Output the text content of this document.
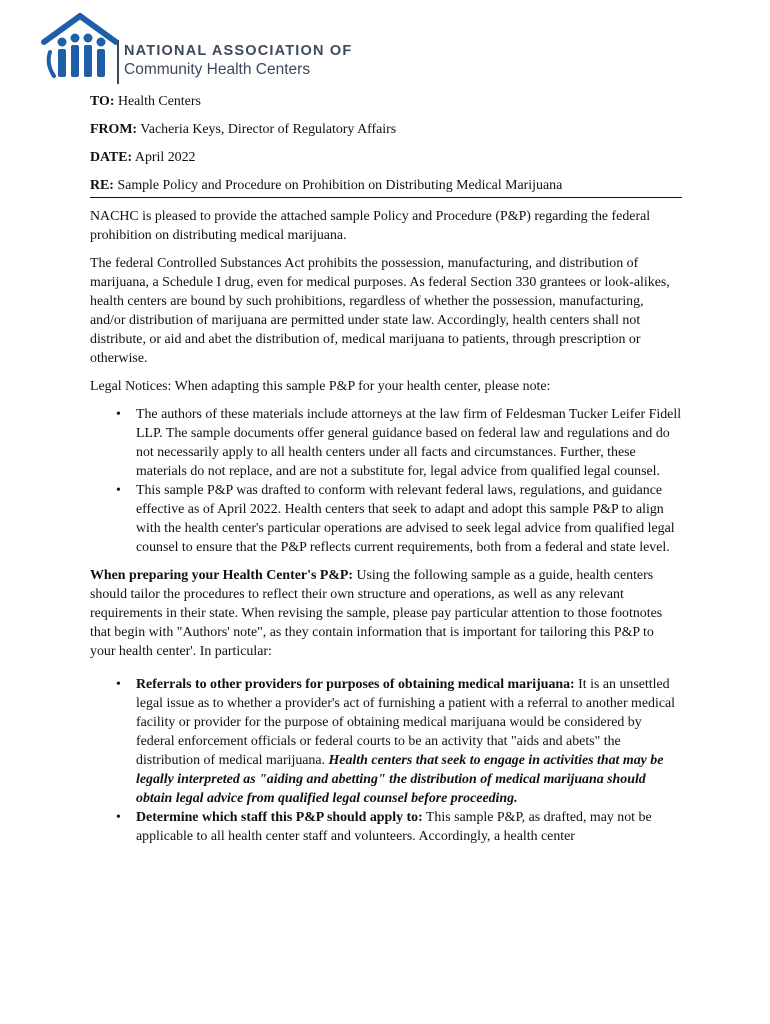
NATIONAL ASSOCIATION OF
Community Health Centers
TO: Health Centers
FROM: Vacheria Keys, Director of Regulatory Affairs
DATE: April 2022
RE: Sample Policy and Procedure on Prohibition on Distributing Medical Marijuana

NACHC is pleased to provide the attached sample Policy and Procedure (P&P) regarding the federal prohibition on distributing medical marijuana.

The federal Controlled Substances Act prohibits the possession, manufacturing, and distribution of marijuana, a Schedule I drug, even for medical purposes. As federal Section 330 grantees or look-alikes, health centers are bound by such prohibitions, regardless of whether the possession, manufacturing, and/or distribution of marijuana are permitted under state law. Accordingly, health centers shall not distribute, or aid and abet the distribution of, medical marijuana to patients, through prescription or otherwise.

Legal Notices: When adapting this sample P&P for your health center, please note:

• The authors of these materials include attorneys at the law firm of Feldesman Tucker Leifer Fidell LLP. The sample documents offer general guidance based on federal law and regulations and do not necessarily apply to all health centers under all facts and circumstances. Further, these materials do not replace, and are not a substitute for, legal advice from qualified legal counsel.
• This sample P&P was drafted to conform with relevant federal laws, regulations, and guidance effective as of April 2022. Health centers that seek to adapt and adopt this sample P&P to align with the health center's particular operations are advised to seek legal advice from qualified legal counsel to ensure that the P&P reflects current requirements, both from a federal and state level.

When preparing your Health Center's P&P: Using the following sample as a guide, health centers should tailor the procedures to reflect their own structure and operations, as well as any relevant requirements in their state. When revising the sample, please pay particular attention to those footnotes that begin with "Authors' note", as they contain information that is important for tailoring this P&P to your health center'. In particular:

• Referrals to other providers for purposes of obtaining medical marijuana: It is an unsettled legal issue as to whether a provider's act of furnishing a patient with a referral to another medical facility or provider for the purpose of obtaining medical marijuana would be considered by federal enforcement officials or federal courts to be an activity that "aids and abets" the distribution of medical marijuana. Health centers that seek to engage in activities that may be legally interpreted as "aiding and abetting" the distribution of medical marijuana should obtain legal advice from qualified legal counsel before proceeding.
• Determine which staff this P&P should apply to: This sample P&P, as drafted, may not be applicable to all health center staff and volunteers. Accordingly, a health center
